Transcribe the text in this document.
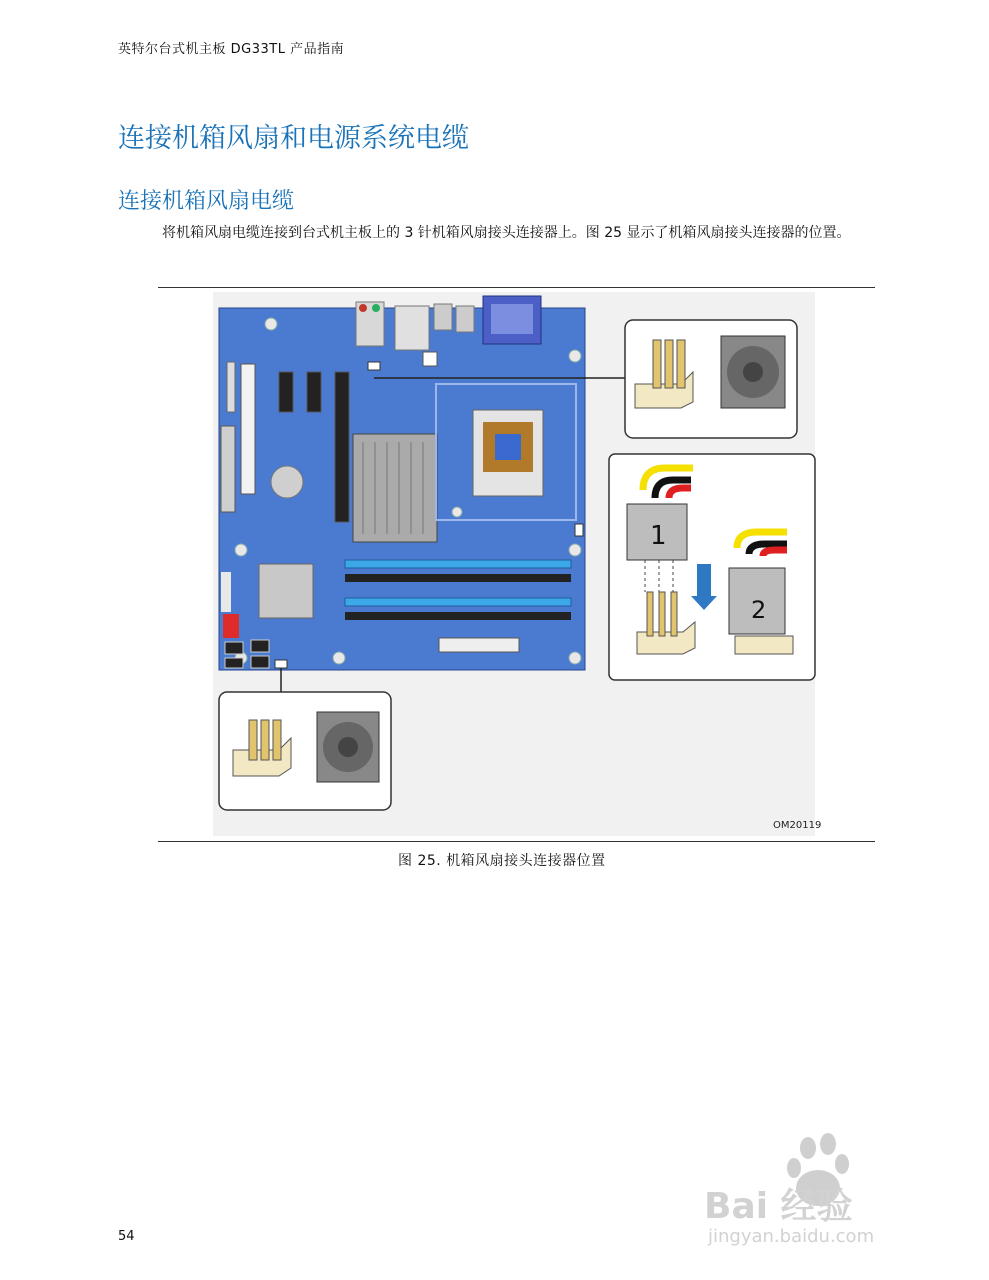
英特尔台式机主板 DG33TL 产品指南
连接机箱风扇和电源系统电缆
连接机箱风扇电缆
将机箱风扇电缆连接到台式机主板上的 3 针机箱风扇接头连接器上。图 25 显示了机箱风扇接头连接器的位置。
1
2
OM20119
图 25. 机箱风扇接头连接器位置
54
Bai 经验
jingyan.baidu.com
